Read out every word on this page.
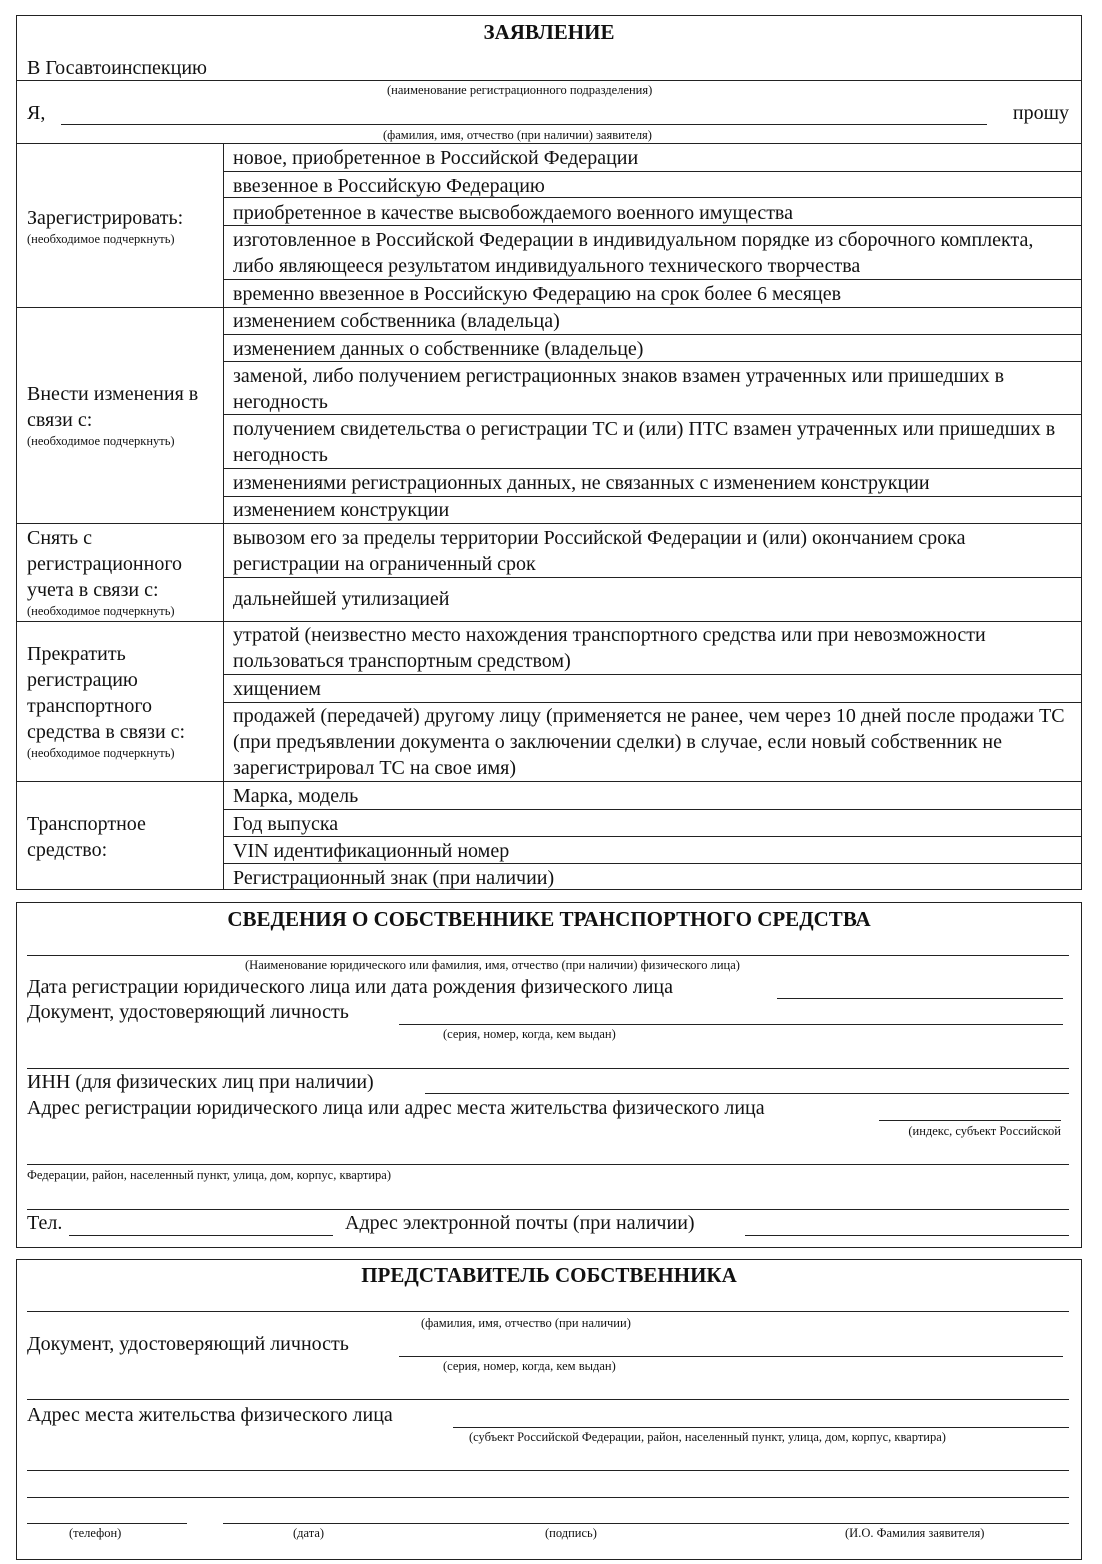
ЗАЯВЛЕНИЕ
В Госавтоинспекцию
(наименование регистрационного подразделения)
Я,	прошу
(фамилия, имя, отчество (при наличии) заявителя)
Зарегистрировать:
(необходимое подчеркнуть)
новое, приобретенное в Российской Федерации
ввезенное в Российскую Федерацию
приобретенное в качестве высвобождаемого военного имущества
изготовленное в Российской Федерации в индивидуальном порядке из сборочного комплекта, либо являющееся результатом индивидуального технического творчества
временно ввезенное в Российскую Федерацию на срок более 6 месяцев
Внести изменения в связи с:
(необходимое подчеркнуть)
изменением собственника (владельца)
изменением данных о собственнике (владельце)
заменой, либо получением регистрационных знаков взамен утраченных или пришедших в негодность
получением свидетельства о регистрации ТС и (или) ПТС взамен утраченных или пришедших в негодность
изменениями регистрационных данных, не связанных с изменением конструкции
изменением конструкции
Снять с регистрационного учета в связи с:
(необходимое подчеркнуть)
вывозом его за пределы территории Российской Федерации и (или) окончанием срока регистрации на ограниченный срок
дальнейшей утилизацией
Прекратить регистрацию транспортного средства в связи с:
(необходимое подчеркнуть)
утратой (неизвестно место нахождения транспортного средства или при невозможности пользоваться транспортным средством)
хищением
продажей (передачей) другому лицу (применяется не ранее, чем через 10 дней после продажи ТС (при предъявлении документа о заключении сделки) в случае, если новый собственник не зарегистрировал ТС на свое имя)
Транспортное средство:
Марка, модель
Год выпуска
VIN идентификационный номер
Регистрационный знак (при наличии)
СВЕДЕНИЯ О СОБСТВЕННИКЕ ТРАНСПОРТНОГО СРЕДСТВА
(Наименование юридического или фамилия, имя, отчество (при наличии) физического лица)
Дата регистрации юридического лица или дата рождения физического лица
Документ, удостоверяющий личность
(серия, номер, когда, кем выдан)
ИНН (для физических лиц при наличии)
Адрес регистрации юридического лица или адрес места жительства физического лица
(индекс, субъект Российской
Федерации, район, населенный пункт, улица, дом, корпус, квартира)
Тел.	Адрес электронной почты (при наличии)
ПРЕДСТАВИТЕЛЬ СОБСТВЕННИКА
(фамилия, имя, отчество (при наличии)
Документ, удостоверяющий личность
(серия, номер, когда, кем выдан)
Адрес места жительства физического лица
(субъект Российской Федерации, район, населенный пункт, улица, дом, корпус, квартира)
(телефон)	(дата)	(подпись)	(И.О. Фамилия заявителя)
